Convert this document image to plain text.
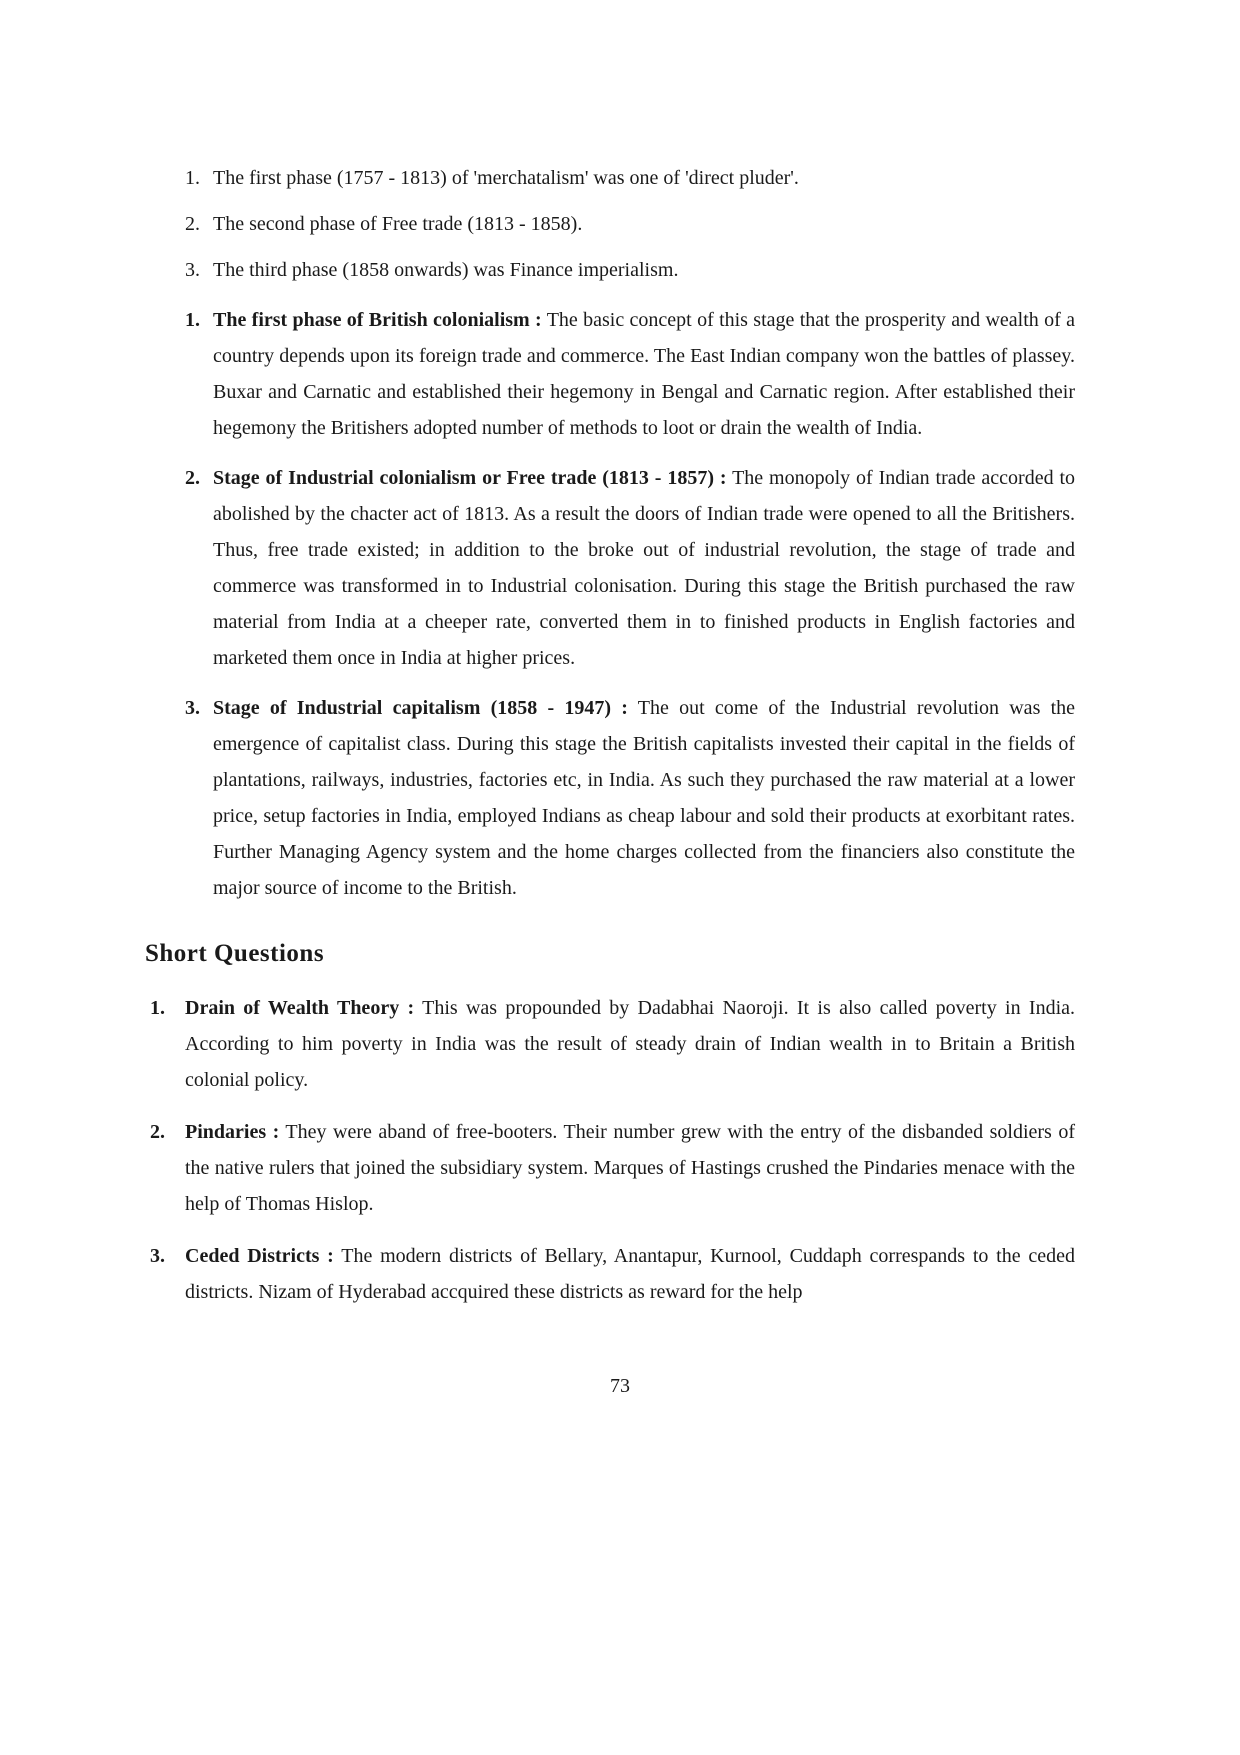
1. The first phase (1757 - 1813) of 'merchatalism' was one of 'direct pluder'.

2. The second phase of Free trade (1813 - 1858).

3. The third phase (1858 onwards) was Finance imperialism.

1. The first phase of British colonialism : The basic concept of this stage that the prosperity and wealth of a country depends upon its foreign trade and commerce. The East Indian company won the battles of plassey. Buxar and Carnatic and established their hegemony in Bengal and Carnatic region. After established their hegemony the Britishers adopted number of methods to loot or drain the wealth of India.

2. Stage of Industrial colonialism or Free trade (1813 - 1857) : The monopoly of Indian trade accorded to abolished by the chacter act of 1813. As a result the doors of Indian trade were opened to all the Britishers. Thus, free trade existed; in addition to the broke out of industrial revolution, the stage of trade and commerce was transformed in to Industrial colonisation. During this stage the British purchased the raw material from India at a cheeper rate, converted them in to finished products in English factories and marketed them once in India at higher prices.

3. Stage of Industrial capitalism (1858 - 1947) : The out come of the Industrial revolution was the emergence of capitalist class. During this stage the British capitalists invested their capital in the fields of plantations, railways, industries, factories etc, in India. As such they purchased the raw material at a lower price, setup factories in India, employed Indians as cheap labour and sold their products at exorbitant rates. Further Managing Agency system and the home charges collected from the financiers also constitute the major source of income to the British.

Short Questions
1.	Drain of Wealth Theory : This was propounded by Dadabhai Naoroji. It is also called poverty in India. According to him poverty in India was the result of steady drain of Indian wealth in to Britain a British colonial policy.

2.	Pindaries : They were aband of free-booters. Their number grew with the entry of the disbanded soldiers of the native rulers that joined the subsidiary system. Marques of Hastings crushed the Pindaries menace with the help of Thomas Hislop.

3.	Ceded Districts : The modern districts of Bellary, Anantapur, Kurnool, Cuddaph correspands to the ceded districts. Nizam of Hyderabad accquired these districts as reward for the help

73
